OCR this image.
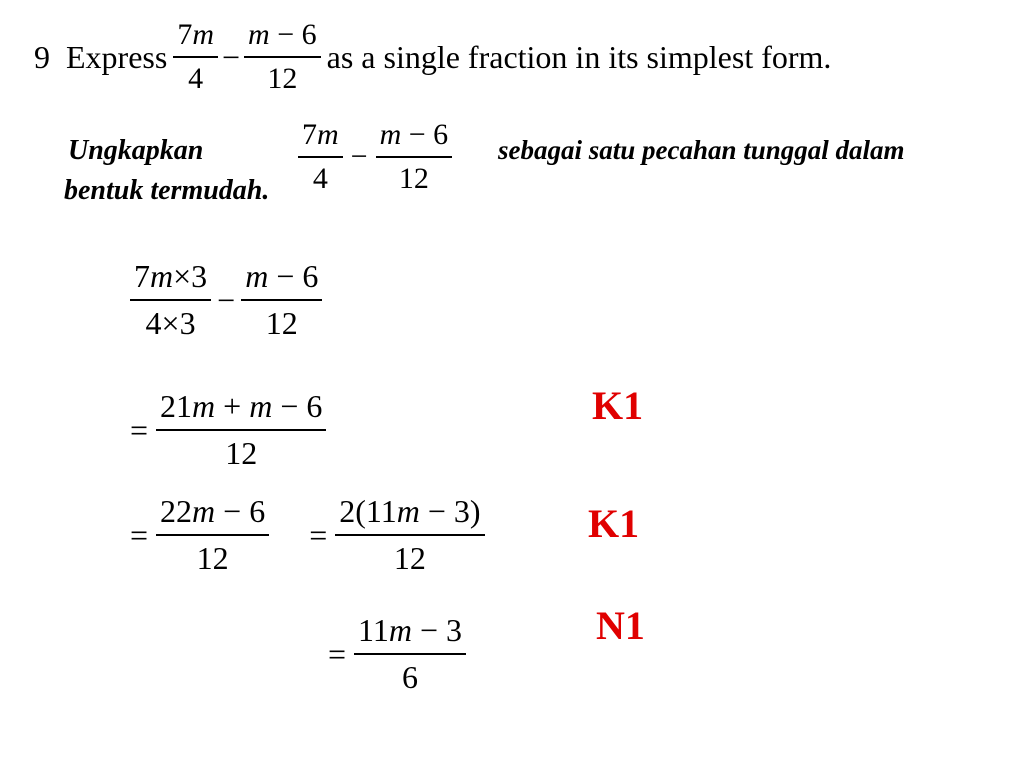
9 Express $\frac{7m}{4} - \frac{m - 6}{12}$ as a single fraction in its simplest form.
Ungkapkan	$\frac{7m}{4} - \frac{m - 6}{12}$ sebagai satu pecahan tunggal dalam
bentuk termudah.
$\frac{7m\times 3}{4\times 3} - \frac{m - 6}{12}$
= $\frac{21m + m - 6}{12}$	K1
= $\frac{22m - 6}{12} = \frac{2(11m - 3)}{12}$	K1
= $\frac{11m - 3}{6}$	N1
